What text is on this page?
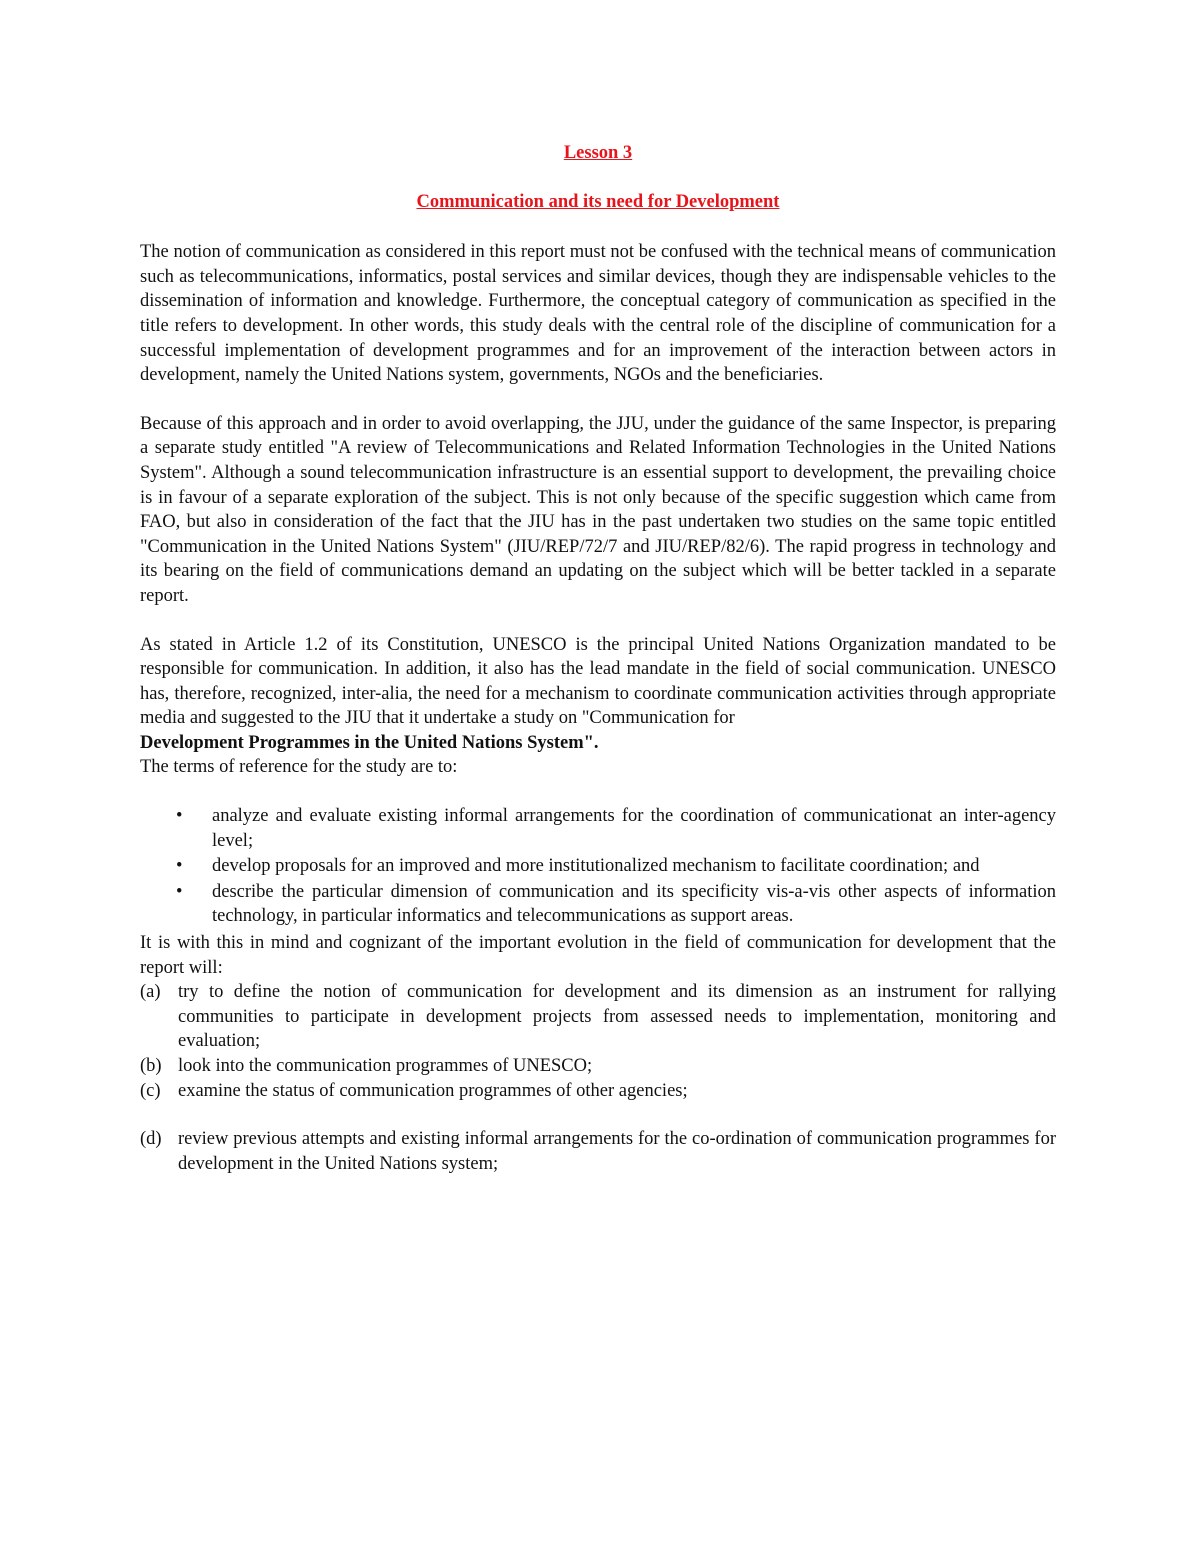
Lesson 3
Communication and its need for Development

The notion of communication as considered in this report must not be confused with the technical means of communication such as telecommunications, informatics, postal services and similar devices, though they are indispensable vehicles to the dissemination of information and knowledge. Furthermore, the conceptual category of communication as specified in the title refers to development. In other words, this study deals with the central role of the discipline of communication for a successful implementation of development programmes and for an improvement of the interaction between actors in development, namely the United Nations system, governments, NGOs and the beneficiaries.

Because of this approach and in order to avoid overlapping, the JJU, under the guidance of the same Inspector, is preparing a separate study entitled "A review of Telecommunications and Related Information Technologies in the United Nations System". Although a sound telecommunication infrastructure is an essential support to development, the prevailing choice is in favour of a separate exploration of the subject. This is not only because of the specific suggestion which came from FAO, but also in consideration of the fact that the JIU has in the past undertaken two studies on the same topic entitled "Communication in the United Nations System" (JIU/REP/72/7 and JIU/REP/82/6). The rapid progress in technology and its bearing on the field of communications demand an updating on the subject which will be better tackled in a separate report.

As stated in Article 1.2 of its Constitution, UNESCO is the principal United Nations Organization mandated to be responsible for communication. In addition, it also has the lead mandate in the field of social communication. UNESCO has, therefore, recognized, inter-alia, the need for a mechanism to coordinate communication activities through appropriate media and suggested to the JIU that it undertake a study on "Communication for

Development Programmes in the United Nations System".

The terms of reference for the study are to:

• analyze and evaluate existing informal arrangements for the coordination of communicationat an inter-agency level;
• develop proposals for an improved and more institutionalized mechanism to facilitate coordination; and
• describe the particular dimension of communication and its specificity vis-a-vis other aspects of information technology, in particular informatics and telecommunications as support areas.

It is with this in mind and cognizant of the important evolution in the field of communication for development that the report will:

(a) try to define the notion of communication for development and its dimension as an instrument for rallying communities to participate in development projects from assessed needs to implementation, monitoring and evaluation;
(b) look into the communication programmes of UNESCO;
(c) examine the status of communication programmes of other agencies;
(d) review previous attempts and existing informal arrangements for the co-ordination of communication programmes for development in the United Nations system;
